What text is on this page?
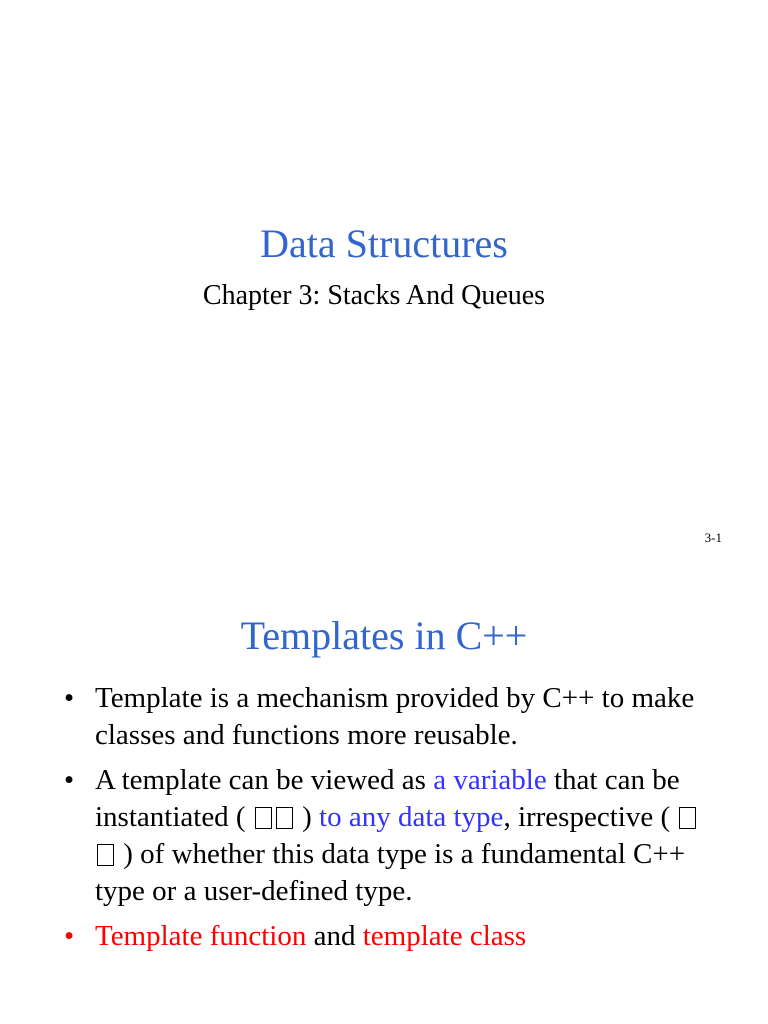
Data Structures
Chapter 3: Stacks And Queues
3-1
Templates in C++
• Template is a mechanism provided by C++ to make classes and functions more reusable.
• A template can be viewed as a variable that can be instantiated (  ) to any data type, irrespective (  ) of whether this data type is a fundamental C++ type or a user-defined type.
• Template function and template class
